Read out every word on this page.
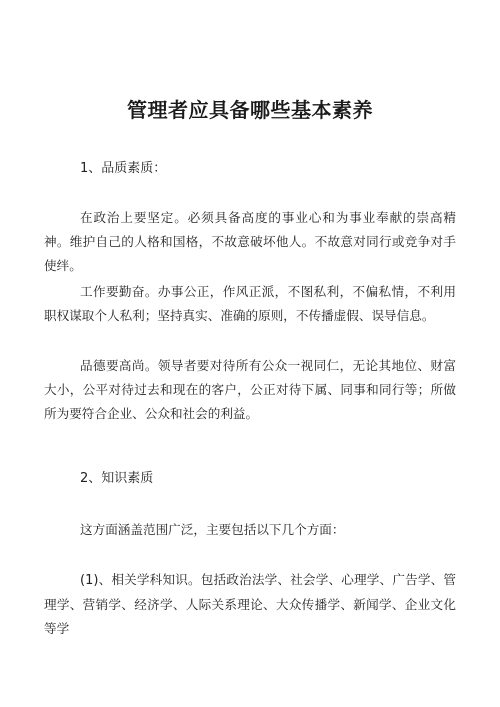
管理者应具备哪些基本素养
1、品质素质：

在政治上要坚定。必须具备高度的事业心和为事业奉献的崇高精神。维护自己的人格和国格，不故意破坏他人。不故意对同行或竞争对手使绊。

工作要勤奋。办事公正，作风正派，不图私利，不偏私情，不利用职权谋取个人私利；坚持真实、准确的原则，不传播虚假、误导信息。

品德要高尚。领导者要对待所有公众一视同仁，无论其地位、财富大小，公平对待过去和现在的客户，公正对待下属、同事和同行等；所做所为要符合企业、公众和社会的利益。

2、知识素质

这方面涵盖范围广泛，主要包括以下几个方面：

(1)、相关学科知识。包括政治法学、社会学、心理学、广告学、管理学、营销学、经济学、人际关系理论、大众传播学、新闻学、企业文化等学
